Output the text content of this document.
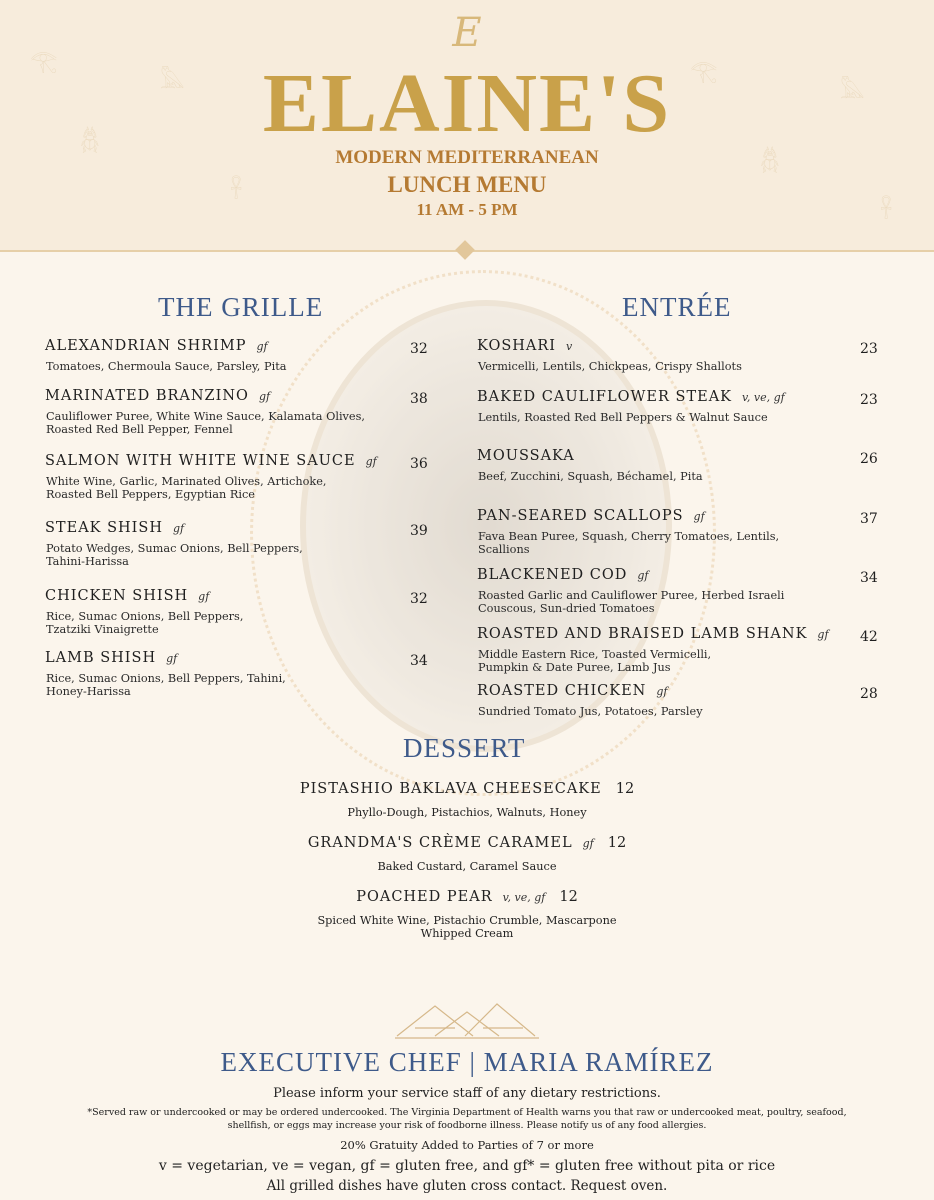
𓂀
𓆣
𓅓
𓋹
𓂀
𓆣
𓅓
𓋹
E
ELAINE'S
MODERN MEDITERRANEAN
LUNCH MENU
11 AM - 5 PM
THE GRILLE	ENTRÉE
DESSERT
ALEXANDRIAN SHRIMP gf	32
Tomatoes, Chermoula Sauce, Parsley, Pita
MARINATED BRANZINO gf	38
Cauliflower Puree, White Wine Sauce, Kalamata Olives,
Roasted Red Bell Pepper, Fennel
SALMON WITH WHITE WINE SAUCE gf 36
White Wine, Garlic, Marinated Olives, Artichoke,
Roasted Bell Peppers, Egyptian Rice
STEAK SHISH gf	39
Potato Wedges, Sumac Onions, Bell Peppers,
Tahini-Harissa
CHICKEN SHISH gf	32
Rice, Sumac Onions, Bell Peppers,
Tzatziki Vinaigrette
LAMB SHISH gf	34
Rice, Sumac Onions, Bell Peppers, Tahini,
Honey-Harissa
KOSHARI v	23
Vermicelli, Lentils, Chickpeas, Crispy Shallots
BAKED CAULIFLOWER STEAK v, ve, gf	23
Lentils, Roasted Red Bell Peppers & Walnut Sauce
MOUSSAKA	26
Beef, Zucchini, Squash, Béchamel, Pita
PAN-SEARED SCALLOPS gf	37
Fava Bean Puree, Squash, Cherry Tomatoes, Lentils,
Scallions
BLACKENED COD gf	34
Roasted Garlic and Cauliflower Puree, Herbed Israeli
Couscous, Sun-dried Tomatoes
ROASTED AND BRAISED LAMB SHANK gf 42
Middle Eastern Rice, Toasted Vermicelli,
Pumpkin & Date Puree, Lamb Jus
ROASTED CHICKEN gf	28
Sundried Tomato Jus, Potatoes, Parsley
PISTASHIO BAKLAVA CHEESECAKE 12
Phyllo-Dough, Pistachios, Walnuts, Honey
GRANDMA'S CRÈME CARAMEL gf 12
Baked Custard, Caramel Sauce
POACHED PEAR v, ve, gf 12
Spiced White Wine, Pistachio Crumble, Mascarpone
Whipped Cream
EXECUTIVE CHEF | MARIA RAMÍREZ
Please inform your service staff of any dietary restrictions.
*Served raw or undercooked or may be ordered undercooked. The Virginia Department of Health warns you that raw or undercooked meat, poultry, seafood, shellfish, or eggs may increase your risk of foodborne illness. Please notify us of any food allergies.
20% Gratuity Added to Parties of 7 or more
v = vegetarian, ve = vegan, gf = gluten free, and gf* = gluten free without pita or rice
All grilled dishes have gluten cross contact. Request oven.
